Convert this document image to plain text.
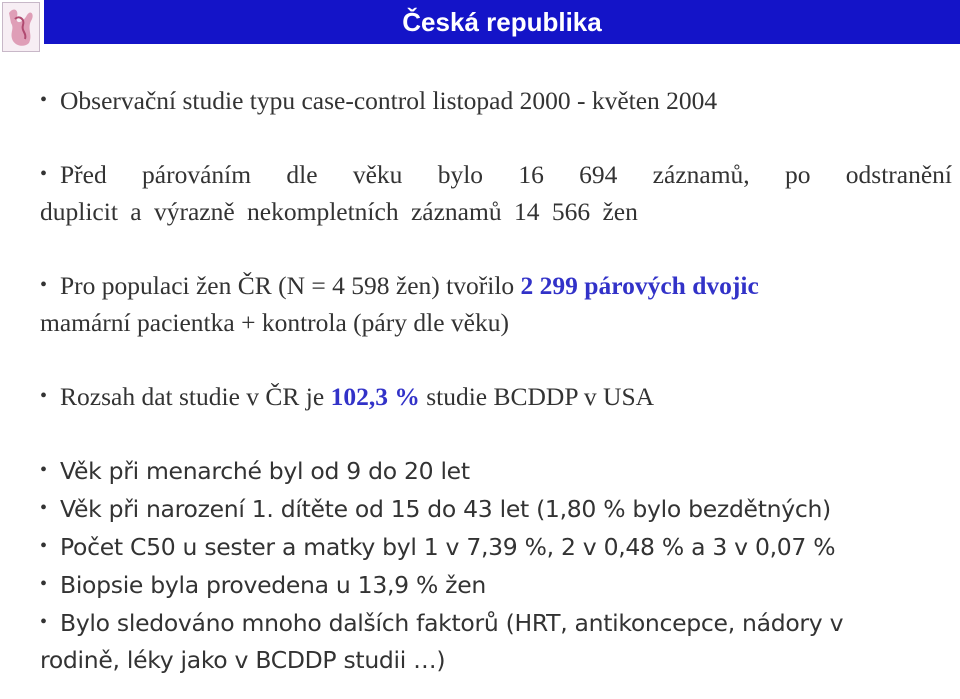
Česká republika
• Observační studie typu case-control listopad 2000 - květen 2004
• Před párováním dle věku bylo 16 694 záznamů, po odstranění
duplicit a výrazně nekompletních záznamů 14 566 žen
• Pro populaci žen ČR (N = 4 598 žen) tvořilo 2 299 párových dvojic
mamární pacientka + kontrola (páry dle věku)
• Rozsah dat studie v ČR je 102,3 % studie BCDDP v USA
• Věk při menarché byl od 9 do 20 let
• Věk při narození 1. dítěte od 15 do 43 let (1,80 % bylo bezdětných)
• Počet C50 u sester a matky byl 1 v 7,39 %, 2 v 0,48 % a 3 v 0,07 %
• Biopsie byla provedena u 13,9 % žen
• Bylo sledováno mnoho dalších faktorů (HRT, antikoncepce, nádory v
rodině, léky jako v BCDDP studii …)
